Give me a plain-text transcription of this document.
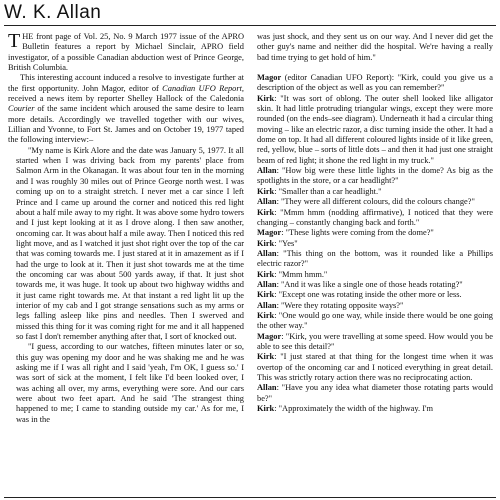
W. K. Allan

THE front page of Vol. 25, No. 9 March 1977 issue of the APRO Bulletin features a report by Michael Sinclair, APRO field investigator, of a possible Canadian abduction west of Prince George, British Columbia.

This interesting account induced a resolve to investigate further at the first opportunity. John Magor, editor of Canadian UFO Report, received a news item by reporter Shelley Hallock of the Caledonia Courier of the same incident which aroused the same desire to learn more details. Accordingly we travelled together with our wives, Lillian and Yvonne, to Fort St. James and on October 19, 1977 taped the following interview:–

"My name is Kirk Alore and the date was January 5, 1977. It all started when I was driving back from my parents' place from Salmon Arm in the Okanagan. It was about four ten in the morning and I was roughly 30 miles out of Prince George north west. I was coming up on to a straight stretch. I never met a car since I left Prince and I came up around the corner and noticed this red light about a half mile away to my right. It was above some hydro towers and I just kept looking at it as I drove along. I then saw another, oncoming car. It was about half a mile away. Then I noticed this red light move, and as I watched it just shot right over the top of the car that was coming towards me. I just stared at it in amazement as if I had the urge to look at it. Then it just shot towards me at the time the oncoming car was about 500 yards away, if that. It just shot towards me, it was huge. It took up about two highway widths and it just came right towards me. At that instant a red light lit up the interior of my cab and I got strange sensations such as my arms or legs falling asleep like pins and needles. Then I swerved and missed this thing for it was coming right for me and it all happened so fast I don't remember anything after that, I sort of knocked out.

"I guess, according to our watches, fifteen minutes later or so, this guy was opening my door and he was shaking me and he was asking me if I was all right and I said 'yeah, I'm OK, I guess so.' I was sort of sick at the moment, I felt like I'd been looked over, I was aching all over, my arms, everything were sore. And our cars were about two feet apart. And he said 'The strangest thing happened to me; I came to standing outside my car.' As for me, I was in the

was just shock, and they sent us on our way. And I never did get the other guy's name and neither did the hospital. We're having a really bad time trying to get hold of him."

Magor (editor Canadian UFO Report): "Kirk, could you give us a description of the object as well as you can remember?"

Kirk: "It was sort of oblong. The outer shell looked like alligator skin. It had little protruding triangular wings, except they were more rounded (on the ends–see diagram). Underneath it had a circular thing moving – like an electric razor, a disc turning inside the other. It had a dome on top. It had all different coloured lights inside of it like green, red, yellow, blue – sorts of little dots – and then it had just one straight beam of red light; it shone the red light in my truck."

Allan: "How big were these little lights in the dome? As big as the spotlights in the store, or a car headlight?"

Kirk: "Smaller than a car headlight."

Allan: "They were all different colours, did the colours change?"

Kirk: "Mmm hmm (nodding affirmative), I noticed that they were changing – constantly changing back and forth."

Magor: "These lights were coming from the dome?"

Kirk: "Yes"

Allan: "This thing on the bottom, was it rounded like a Phillips electric razor?"

Kirk: "Mmm hmm."

Allan: "And it was like a single one of those heads rotating?"

Kirk: "Except one was rotating inside the other more or less.

Allan: "Were they rotating opposite ways?"

Kirk: "One would go one way, while inside there would be one going the other way."

Magor: "Kirk, you were travelling at some speed. How would you be able to see this detail?"

Kirk: "I just stared at that thing for the longest time when it was overtop of the oncoming car and I noticed everything in great detail. This was strictly rotary action there was no reciprocating action.

Allan: "Have you any idea what diameter those rotating parts would be?"

Kirk: "Approximately the width of the highway. I'm
